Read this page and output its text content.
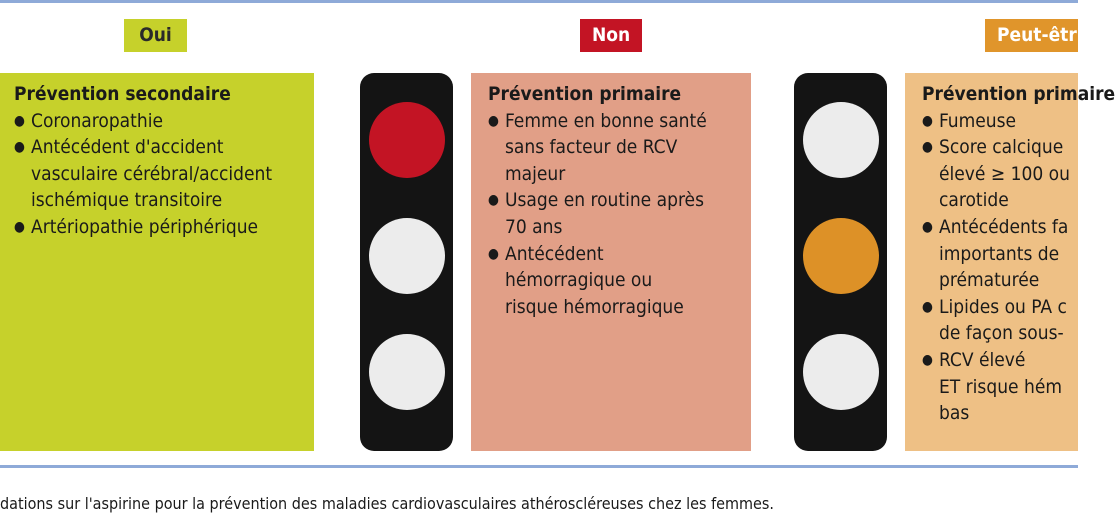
Oui	Non	Peut-êtr
Prévention secondaire
● Coronaropathie
● Antécédent d'accident
vasculaire cérébral/accident
ischémique transitoire
● Artériopathie périphérique
Prévention primaire
● Femme en bonne santé
sans facteur de RCV
majeur
● Usage en routine après
70 ans
● Antécédent
hémorragique ou
risque hémorragique
Prévention primaire
● Fumeuse
● Score calcique
élevé ≥ 100 ou
carotide
● Antécédents fa
importants de
prématurée
● Lipides ou PA c
de façon sous-
● RCV élevé
ET risque hém
bas
dations sur l'aspirine pour la prévention des maladies cardiovasculaires athéroscléreuses chez les femmes.
